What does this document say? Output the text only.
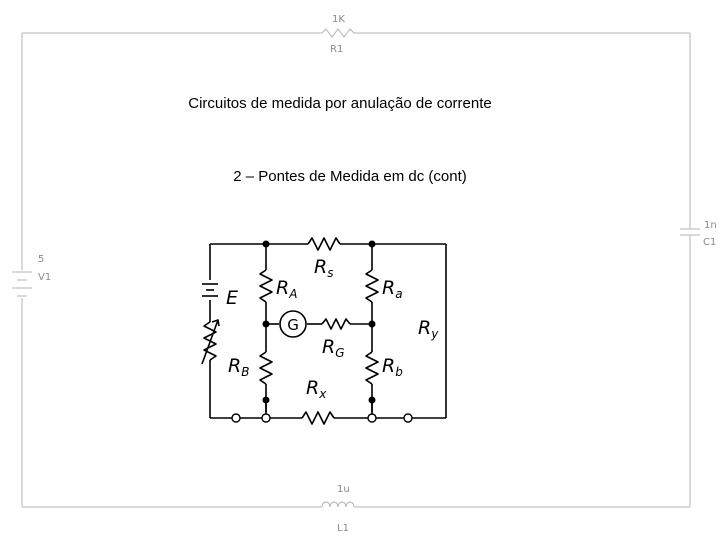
1K
R1
1n
C1
5
V1
1u
L1
Circuitos de medida por anulação de corrente
2 – Pontes de Medida em dc (cont)
E
G
$R_s$
$R_A$	$R_a$
$R_G$
$R_y$
$R_B$	$R_b$
$R_x$
